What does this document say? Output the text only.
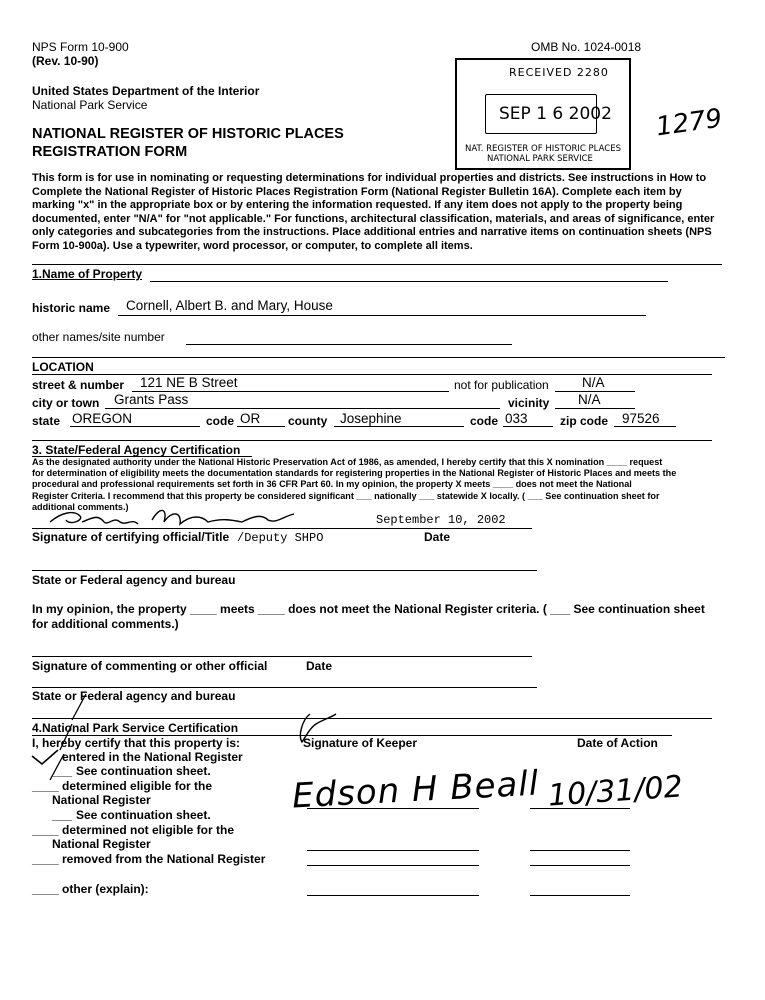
NPS Form 10-900
(Rev. 10-90)
OMB No. 1024-0018
United States Department of the Interior
National Park Service
NATIONAL REGISTER OF HISTORIC PLACES
REGISTRATION FORM
RECEIVED 2280
SEP 1 6 2002
NAT. REGISTER OF HISTORIC PLACES
NATIONAL PARK SERVICE
1279
This form is for use in nominating or requesting determinations for individual properties and districts. See instructions in How to
Complete the National Register of Historic Places Registration Form (National Register Bulletin 16A). Complete each item by
marking "x" in the appropriate box or by entering the information requested. If any item does not apply to the property being
documented, enter "N/A" for "not applicable." For functions, architectural classification, materials, and areas of significance, enter
only categories and subcategories from the instructions. Place additional entries and narrative items on continuation sheets (NPS
Form 10-900a). Use a typewriter, word processor, or computer, to complete all items.
1.Name of Property
historic name Cornell, Albert B. and Mary, House
other names/site number
LOCATION
street & number 121 NE B Street	not for publication N/A
city or town Grants Pass	vicinity N/A
state OREGON	code OR county Josephine	code 033	zip code 97526
3. State/Federal Agency Certification
As the designated authority under the National Historic Preservation Act of 1986, as amended, I hereby certify that this X nomination ____ request
for determination of eligibility meets the documentation standards for registering properties in the National Register of Historic Places and meets the
procedural and professional requirements set forth in 36 CFR Part 60. In my opinion, the property X meets ____ does not meet the National
Register Criteria. I recommend that this property be considered significant ___ nationally ___ statewide X locally. ( ___ See continuation sheet for
additional comments.)
September 10, 2002
Signature of certifying official/Title /Deputy SHPO	Date
State or Federal agency and bureau
In my opinion, the property ____ meets ____ does not meet the National Register criteria. ( ___ See continuation sheet
for additional comments.)
Signature of commenting or other official	Date
State or Federal agency and bureau
4.National Park Service Certification
I, hereby certify that this property is:	Signature of Keeper	Date of Action
entered in the National Register
___ See continuation sheet.
____ determined eligible for the
National Register
___ See continuation sheet.
____ determined not eligible for the
National Register
____ removed from the National Register
____ other (explain):
Edson H Beall 10/31/02
